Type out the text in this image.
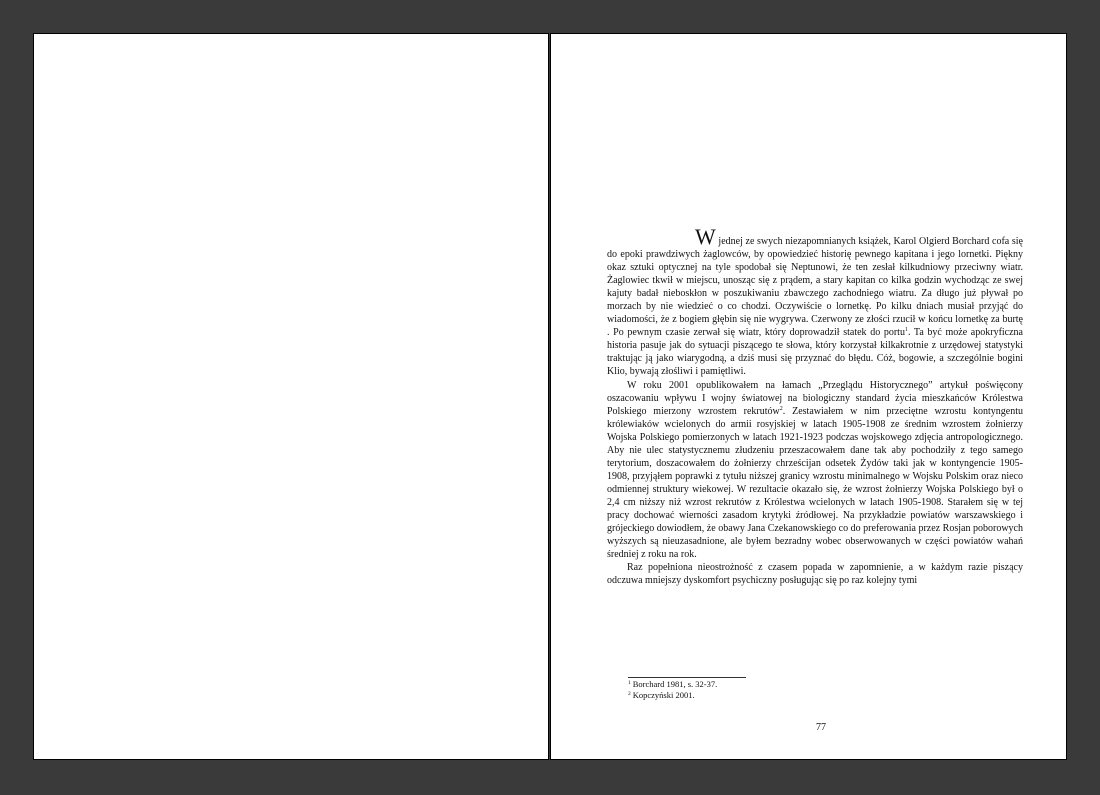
W jednej ze swych niezapomnianych książek, Karol Olgierd Borchard cofa się do epoki prawdziwych żaglowców, by opowiedzieć historię pewnego kapitana i jego lornetki. Piękny okaz sztuki optycznej na tyle spodobał się Neptunowi, że ten zesłał kilkudniowy przeciwny wiatr. Żaglowiec tkwił w miejscu, unosząc się z prądem, a stary kapitan co kilka godzin wychodząc ze swej kajuty badał nieboskłon w poszukiwaniu zbawczego zachodniego wiatru. Za długo już pływał po morzach by nie wiedzieć o co chodzi. Oczywiście o lornetkę. Po kilku dniach musiał przyjąć do wiadomości, że z bogiem głębin się nie wygrywa. Czerwony ze złości rzucił w końcu lornetkę za burtę . Po pewnym czasie zerwał się wiatr, który doprowadził statek do portu$^1$. Ta być może apokryficzna historia pasuje jak do sytuacji piszącego te słowa, który korzystał kilkakrotnie z urzędowej statystyki traktując ją jako wiarygodną, a dziś musi się przyznać do błędu. Cóż, bogowie, a szczególnie bogini Klio, bywają złośliwi i pamiętliwi.

W roku 2001 opublikowałem na łamach „Przeglądu Historycznego” artykuł poświęcony oszacowaniu wpływu I wojny światowej na biologiczny standard życia mieszkańców Królestwa Polskiego mierzony wzrostem rekrutów$^2$. Zestawiałem w nim przeciętne wzrostu kontyngentu królewiaków wcielonych do armii rosyjskiej w latach 1905-1908 ze średnim wzrostem żołnierzy Wojska Polskiego pomierzonych w latach 1921-1923 podczas wojskowego zdjęcia antropologicznego. Aby nie ulec statystycznemu złudzeniu przeszacowałem dane tak aby pochodziły z tego samego terytorium, doszacowałem do żołnierzy chrześcijan odsetek Żydów taki jak w kontyngencie 1905-1908, przyjąłem poprawki z tytułu niższej granicy wzrostu minimalnego w Wojsku Polskim oraz nieco odmiennej struktury wiekowej. W rezultacie okazało się, że wzrost żołnierzy Wojska Polskiego był o 2,4 cm niższy niż wzrost rekrutów z Królestwa wcielonych w latach 1905-1908. Starałem się w tej pracy dochować wierności zasadom krytyki źródłowej. Na przykładzie powiatów warszawskiego i grójeckiego dowiodłem, że obawy Jana Czekanowskiego co do preferowania przez Rosjan poborowych wyższych są nieuzasadnione, ale byłem bezradny wobec obserwowanych w części powiatów wahań średniej z roku na rok.

Raz popełniona nieostrożność z czasem popada w zapomnienie, a w każdym razie piszący odczuwa mniejszy dyskomfort psychiczny posługując się po raz kolejny tymi

$^1$ Borchard 1981, s. 32-37.
$^2$ Kopczyński 2001.
77
